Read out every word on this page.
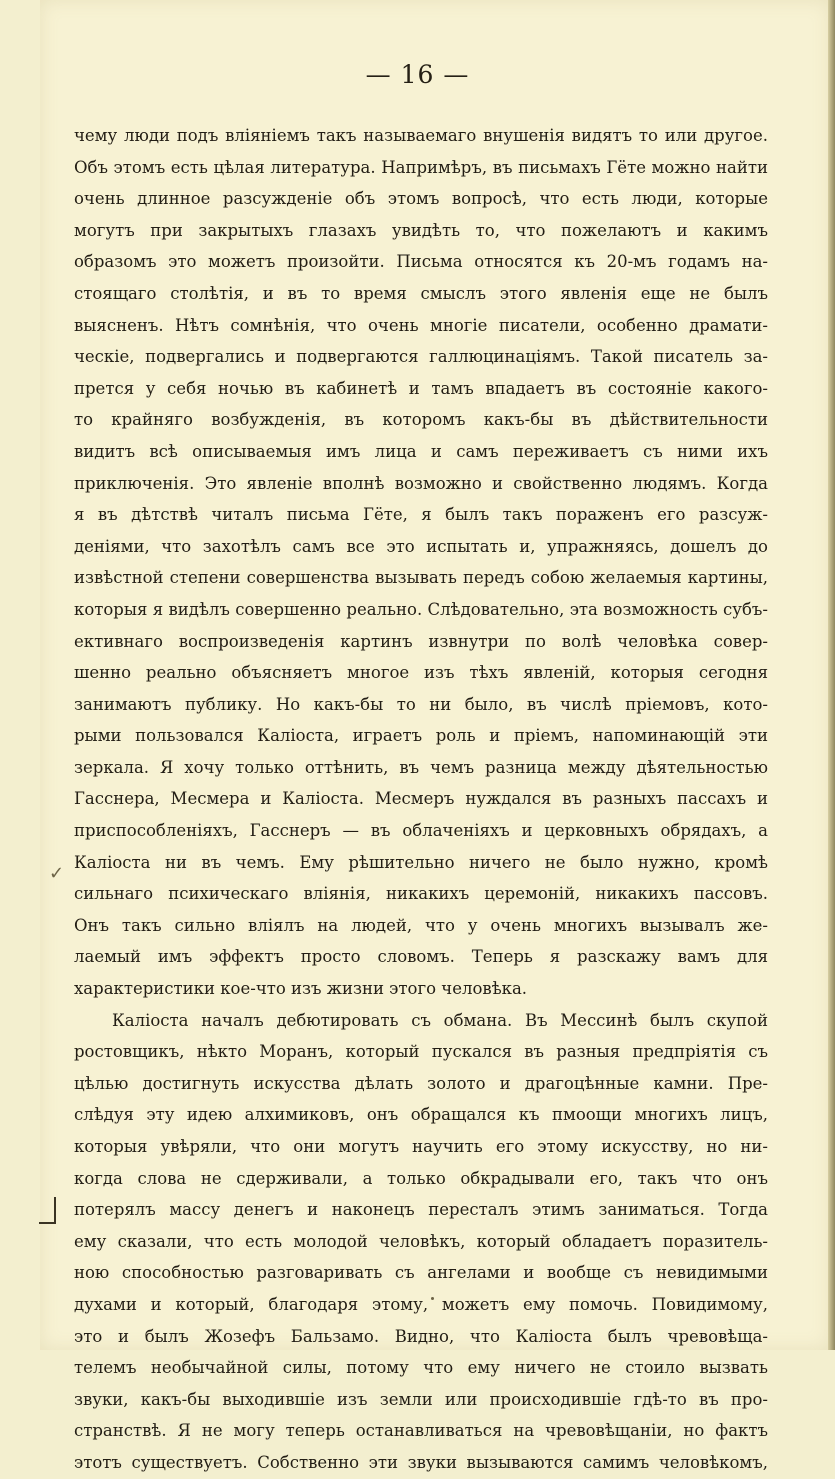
— 16 —
✓
чему люди подъ вліяніемъ такъ называемаго внушенія видятъ то или другое.
Объ этомъ есть цѣлая литература. Напримѣръ, въ письмахъ Гёте можно найти
очень длинное разсужденіе объ этомъ вопросѣ, что есть люди, которые
могутъ при закрытыхъ глазахъ увидѣть то, что пожелаютъ и какимъ
образомъ это можетъ произойти. Письма относятся къ 20-мъ годамъ на-
стоящаго столѣтія, и въ то время смыслъ этого явленія еще не былъ
выясненъ. Нѣтъ сомнѣнія, что очень многіе писатели, особенно драмати-
ческіе, подвергались и подвергаются галлюцинаціямъ. Такой писатель за-
прется у себя ночью въ кабинетѣ и тамъ впадаетъ въ состояніе какого-
то крайняго возбужденія, въ которомъ какъ-бы въ дѣйствительности
видитъ всѣ описываемыя имъ лица и самъ переживаетъ съ ними ихъ
приключенія. Это явленіе вполнѣ возможно и свойственно людямъ. Когда
я въ дѣтствѣ читалъ письма Гёте, я былъ такъ пораженъ его разсуж-
деніями, что захотѣлъ самъ все это испытать и, упражняясь, дошелъ до
извѣстной степени совершенства вызывать передъ собою желаемыя картины,
которыя я видѣлъ совершенно реально. Слѣдовательно, эта возможность субъ-
ективнаго воспроизведенія картинъ извнутри по волѣ человѣка совер-
шенно реально объясняетъ многое изъ тѣхъ явленій, которыя сегодня
занимаютъ публику. Но какъ-бы то ни было, въ числѣ пріемовъ, кото-
рыми пользовался Каліоста, играетъ роль и пріемъ, напоминающій эти
зеркала. Я хочу только оттѣнить, въ чемъ разница между дѣятельностью
Гасснера, Месмера и Каліоста. Месмеръ нуждался въ разныхъ пассахъ и
приспособленіяхъ, Гасснеръ — въ облаченіяхъ и церковныхъ обрядахъ, а
Каліоста ни въ чемъ. Ему рѣшительно ничего не было нужно, кромѣ
сильнаго психическаго вліянія, никакихъ церемоній, никакихъ пассовъ.
Онъ такъ сильно вліялъ на людей, что у очень многихъ вызывалъ же-
лаемый имъ эффектъ просто словомъ. Теперь я разскажу вамъ для
характеристики кое-что изъ жизни этого человѣка.
Каліоста началъ дебютировать съ обмана. Въ Мессинѣ былъ скупой
ростовщикъ, нѣкто Моранъ, который пускался въ разныя предпріятія съ
цѣлью достигнуть искусства дѣлать золото и драгоцѣнные камни. Пре-
слѣдуя эту идею алхимиковъ, онъ обращался къ пмоощи многихъ лицъ,
которыя увѣряли, что они могутъ научить его этому искусству, но ни-
когда слова не сдерживали, а только обкрадывали его, такъ что онъ
потерялъ массу денегъ и наконецъ пересталъ этимъ заниматься. Тогда
ему сказали, что есть молодой человѣкъ, который обладаетъ поразитель-
ною способностью разговаривать съ ангелами и вообще съ невидимыми
духами и который, благодаря этому, можетъ ему помочь. Повидимому,
это и былъ Жозефъ Бальзамо. Видно, что Каліоста былъ чревовѣща-
телемъ необычайной силы, потому что ему ничего не стоило вызвать
звуки, какъ-бы выходившіе изъ земли или происходившіе гдѣ-то въ про-
странствѣ. Я не могу теперь останавливаться на чревовѣщаніи, но фактъ
этотъ существуетъ. Собственно эти звуки вызываются самимъ человѣкомъ,
